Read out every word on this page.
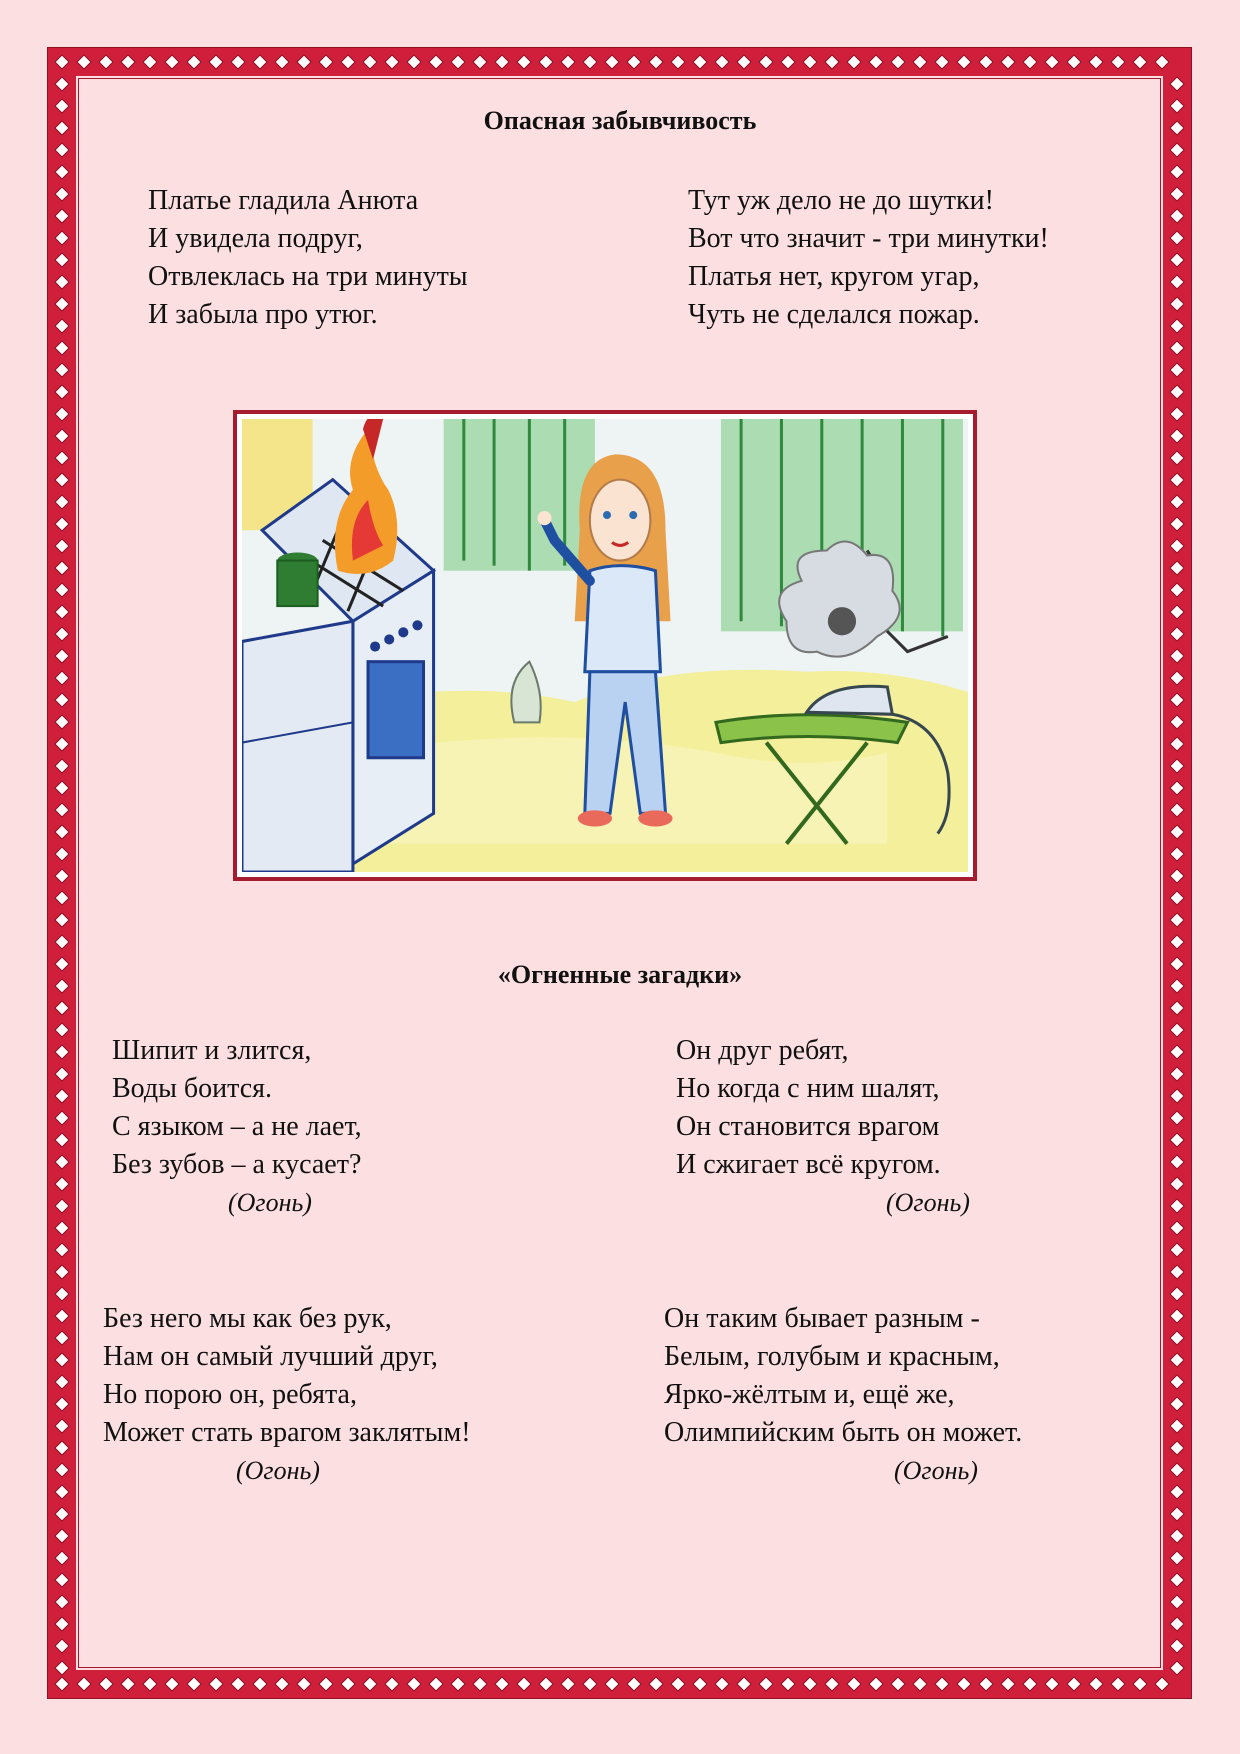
Опасная забывчивость
Платье гладила Анюта
И увидела подруг,
Отвлеклась на три минуты
И забыла про утюг.
Тут уж дело не до шутки!
Вот что значит - три минутки!
Платья нет, кругом угар,
Чуть не сделался пожар.
«Огненные загадки»
Шипит и злится,
Воды боится.
С языком – а не лает,
Без зубов – а кусает?
(Огонь)
Он друг ребят,
Но когда с ним шалят,
Он становится врагом
И сжигает всё кругом.
(Огонь)
Без него мы как без рук,
Нам он самый лучший друг,
Но порою он, ребята,
Может стать врагом заклятым!
(Огонь)
Он таким бывает разным -
Белым, голубым и красным,
Ярко-жёлтым и, ещё же,
Олимпийским быть он может.
(Огонь)
